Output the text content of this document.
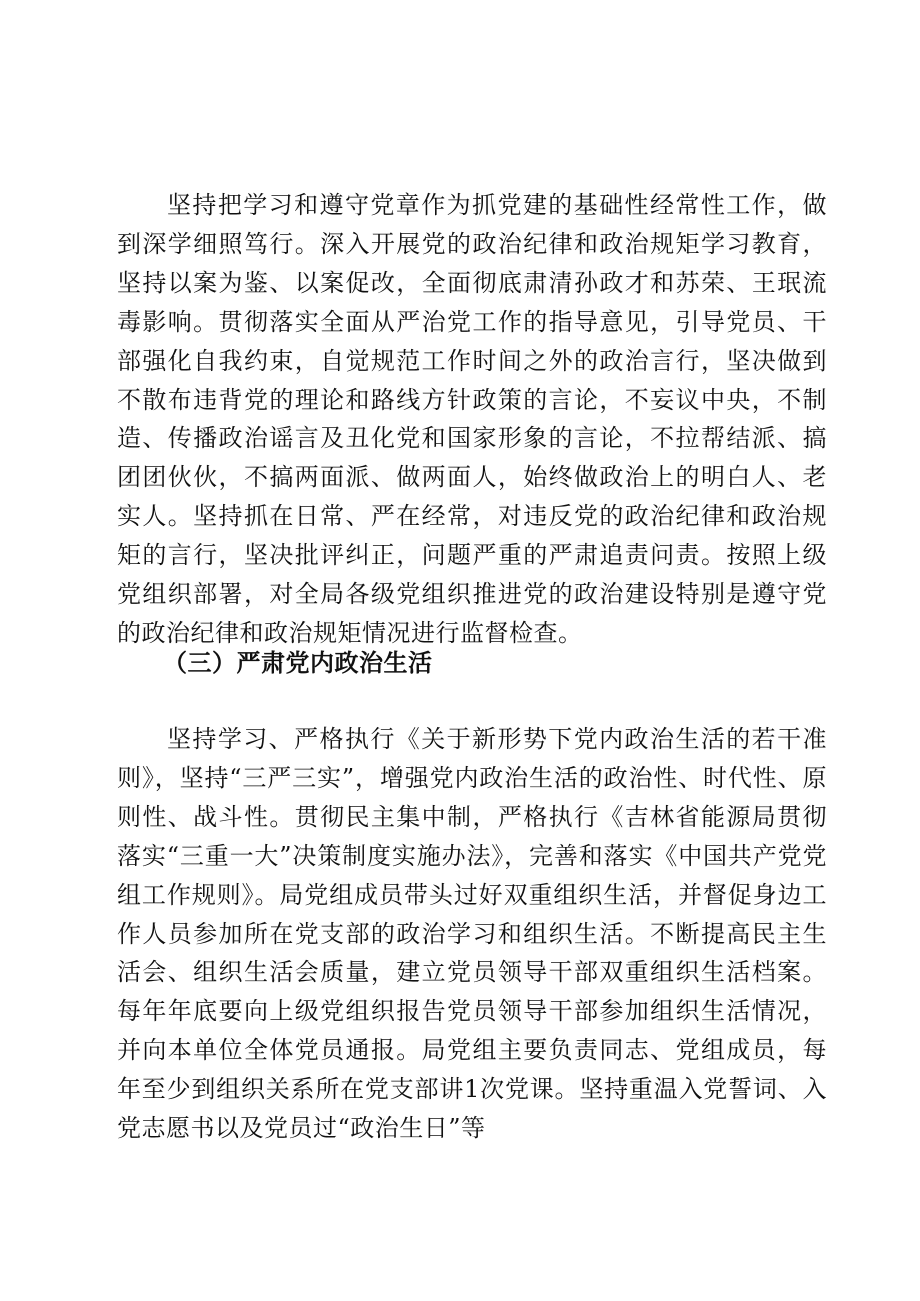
坚持把学习和遵守党章作为抓党建的基础性经常性工作，做到深学细照笃行。深入开展党的政治纪律和政治规矩学习教育，坚持以案为鉴、以案促改，全面彻底肃清孙政才和苏荣、王珉流毒影响。贯彻落实全面从严治党工作的指导意见，引导党员、干部强化自我约束，自觉规范工作时间之外的政治言行，坚决做到不散布违背党的理论和路线方针政策的言论，不妄议中央，不制造、传播政治谣言及丑化党和国家形象的言论，不拉帮结派、搞团团伙伙，不搞两面派、做两面人，始终做政治上的明白人、老实人。坚持抓在日常、严在经常，对违反党的政治纪律和政治规矩的言行，坚决批评纠正，问题严重的严肃追责问责。按照上级党组织部署，对全局各级党组织推进党的政治建设特别是遵守党的政治纪律和政治规矩情况进行监督检查。

（三）严肃党内政治生活

坚持学习、严格执行《关于新形势下党内政治生活的若干准则》，坚持“三严三实”，增强党内政治生活的政治性、时代性、原则性、战斗性。贯彻民主集中制，严格执行《吉林省能源局贯彻落实“三重一大”决策制度实施办法》，完善和落实《中国共产党党组工作规则》。局党组成员带头过好双重组织生活，并督促身边工作人员参加所在党支部的政治学习和组织生活。不断提高民主生活会、组织生活会质量，建立党员领导干部双重组织生活档案。每年年底要向上级党组织报告党员领导干部参加组织生活情况，并向本单位全体党员通报。局党组主要负责同志、党组成员，每年至少到组织关系所在党支部讲1次党课。坚持重温入党誓词、入党志愿书以及党员过“政治生日”等
